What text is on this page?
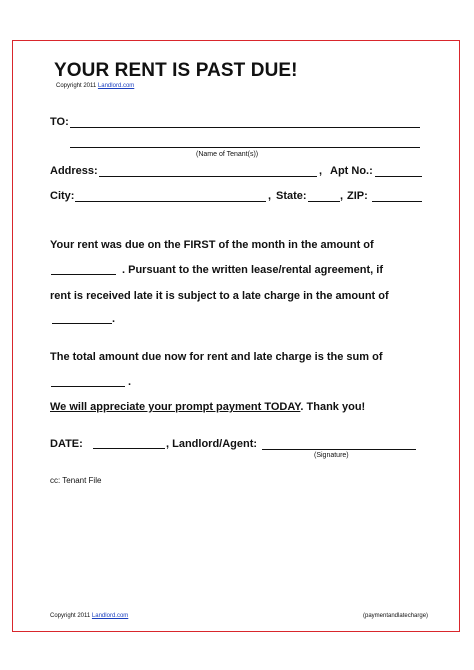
YOUR RENT IS PAST DUE!
Copyright 2011 Landlord.com
TO:
(Name of Tenant(s))
Address:	, Apt No.:
City:	, State:	, ZIP:
Your rent was due on the FIRST of the month in the amount of
. Pursuant to the written lease/rental agreement, if
rent is received late it is subject to a late charge in the amount of
.
The total amount due now for rent and late charge is the sum of
.
We will appreciate your prompt payment TODAY. Thank you!
DATE:	, Landlord/Agent:
(Signature)
cc: Tenant File
Copyright 2011 Landlord.com	(paymentandlatecharge)
